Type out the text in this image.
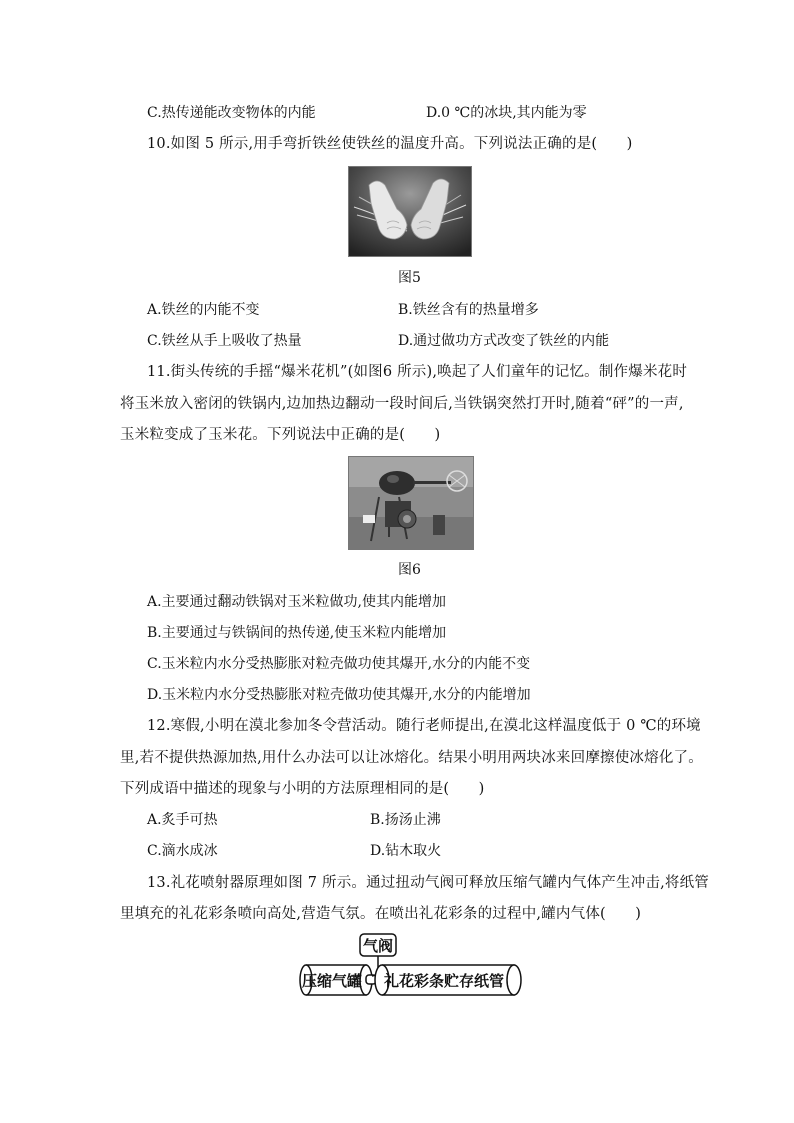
C.热传递能改变物体的内能	D.0 ℃的冰块,其内能为零
10.如图 5 所示,用手弯折铁丝使铁丝的温度升高。下列说法正确的是(　　)
图5
A.铁丝的内能不变	B.铁丝含有的热量增多
C.铁丝从手上吸收了热量	D.通过做功方式改变了铁丝的内能
11.街头传统的手摇“爆米花机”(如图6 所示),唤起了人们童年的记忆。制作爆米花时
将玉米放入密闭的铁锅内,边加热边翻动一段时间后,当铁锅突然打开时,随着“砰”的一声,
玉米粒变成了玉米花。下列说法中正确的是(　　)
图6
A.主要通过翻动铁锅对玉米粒做功,使其内能增加
B.主要通过与铁锅间的热传递,使玉米粒内能增加
C.玉米粒内水分受热膨胀对粒壳做功使其爆开,水分的内能不变
D.玉米粒内水分受热膨胀对粒壳做功使其爆开,水分的内能增加
12.寒假,小明在漠北参加冬令营活动。随行老师提出,在漠北这样温度低于 0 ℃的环境
里,若不提供热源加热,用什么办法可以让冰熔化。结果小明用两块冰来回摩擦使冰熔化了。
下列成语中描述的现象与小明的方法原理相同的是(　　)
A.炙手可热	B.扬汤止沸
C.滴水成冰	D.钻木取火
13.礼花喷射器原理如图 7 所示。通过扭动气阀可释放压缩气罐内气体产生冲击,将纸管
里填充的礼花彩条喷向高处,营造气氛。在喷出礼花彩条的过程中,罐内气体(　　)
气阀
压缩气罐 礼花彩条贮存纸管
